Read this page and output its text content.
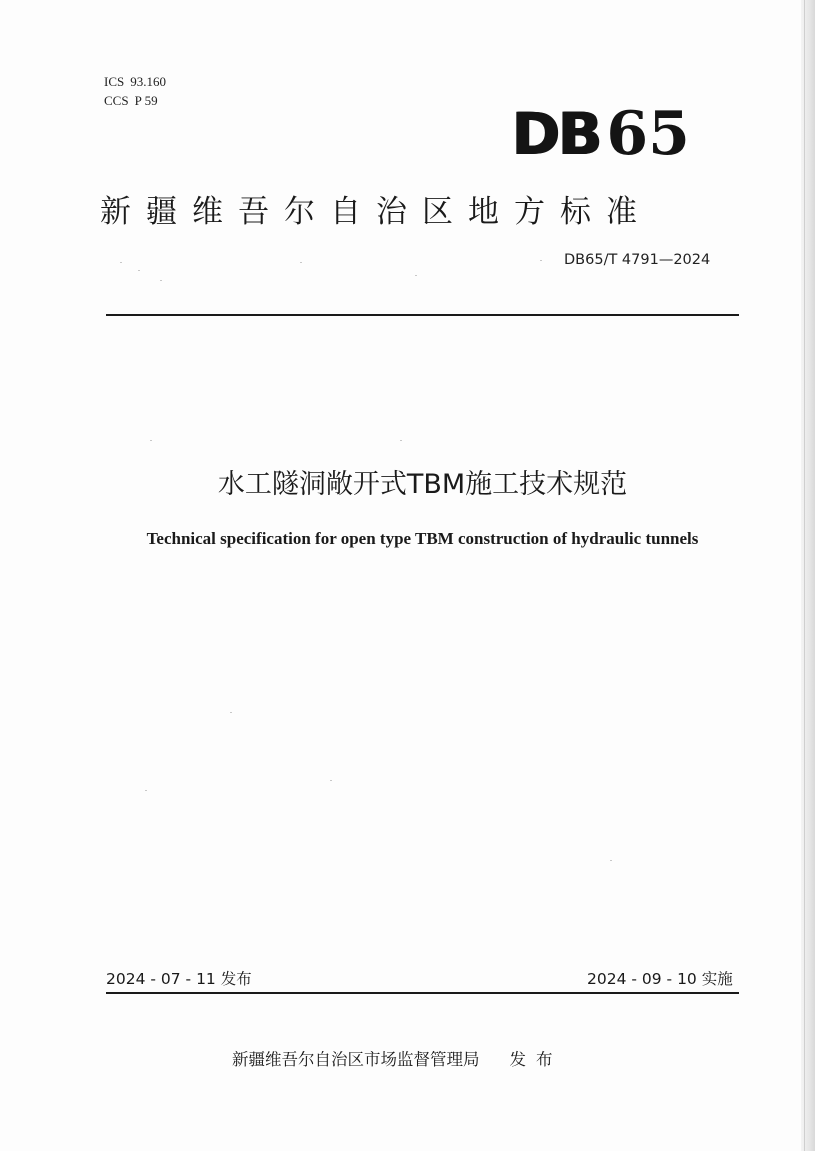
ICS 93.160
CCS P 59	DB 65
新疆维吾尔自治区地方标准
DB65/T 4791—2024
水工隧洞敞开式TBM施工技术规范
Technical specification for open type TBM construction of hydraulic tunnels
2024 - 07 - 11 发布	2024 - 09 - 10 实施
新疆维吾尔自治区市场监督管理局 发布
